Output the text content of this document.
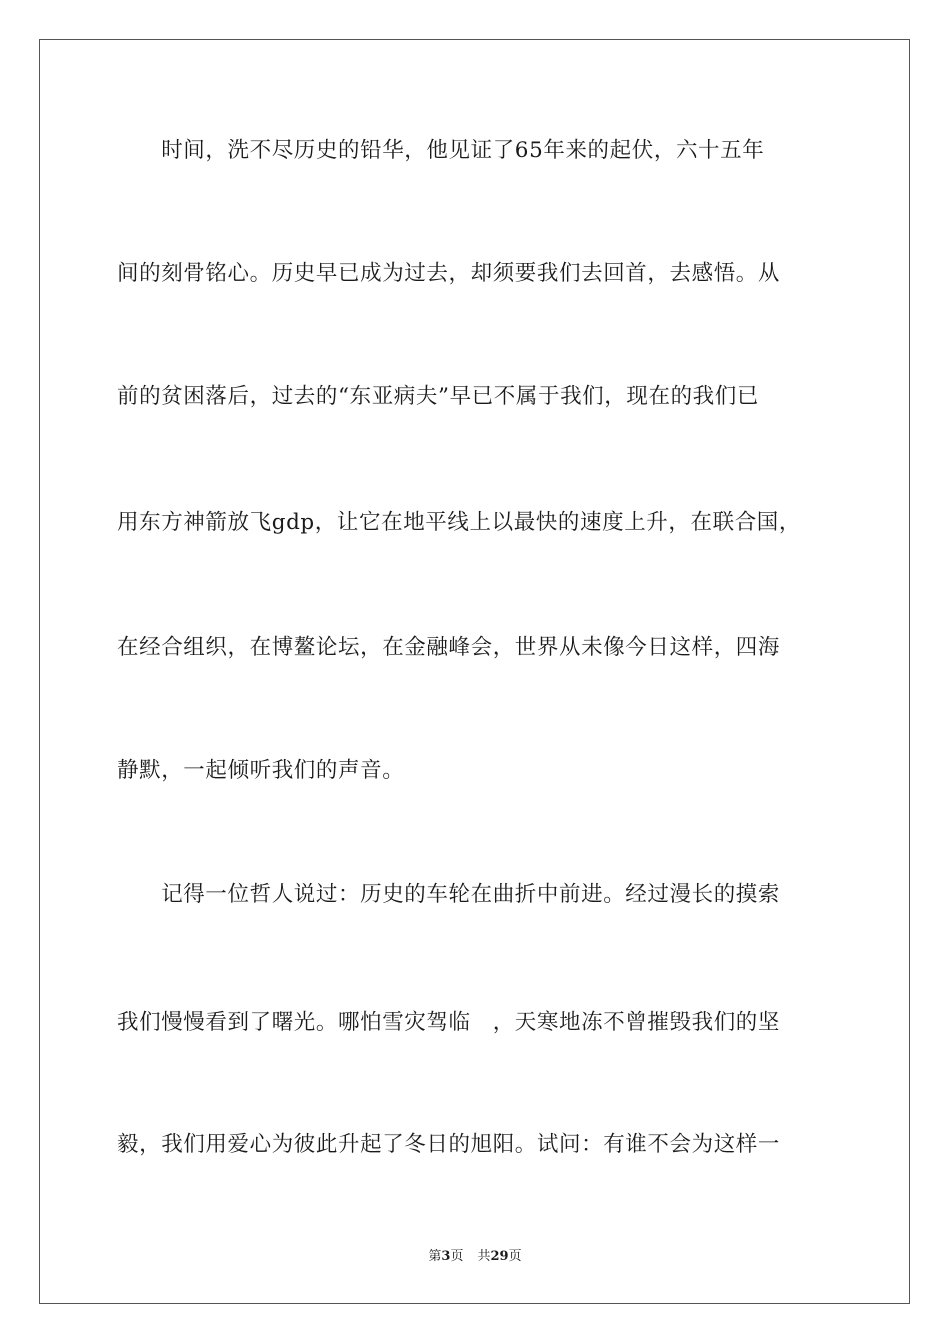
　　时间，洗不尽历史的铅华，他见证了65年来的起伏，六十五年
间的刻骨铭心。历史早已成为过去，却须要我们去回首，去感悟。从
前的贫困落后，过去的“东亚病夫”早已不属于我们，现在的我们已
用东方神箭放飞gdp，让它在地平线上以最快的速度上升，在联合国，
在经合组织，在博鳌论坛，在金融峰会，世界从未像今日这样，四海
静默，一起倾听我们的声音。
　　记得一位哲人说过：历史的车轮在曲折中前进。经过漫长的摸索
我们慢慢看到了曙光。哪怕雪灾驾临　，天寒地冻不曾摧毁我们的坚
毅，我们用爱心为彼此升起了冬日的旭阳。试问：有谁不会为这样一
第3页 共29页
